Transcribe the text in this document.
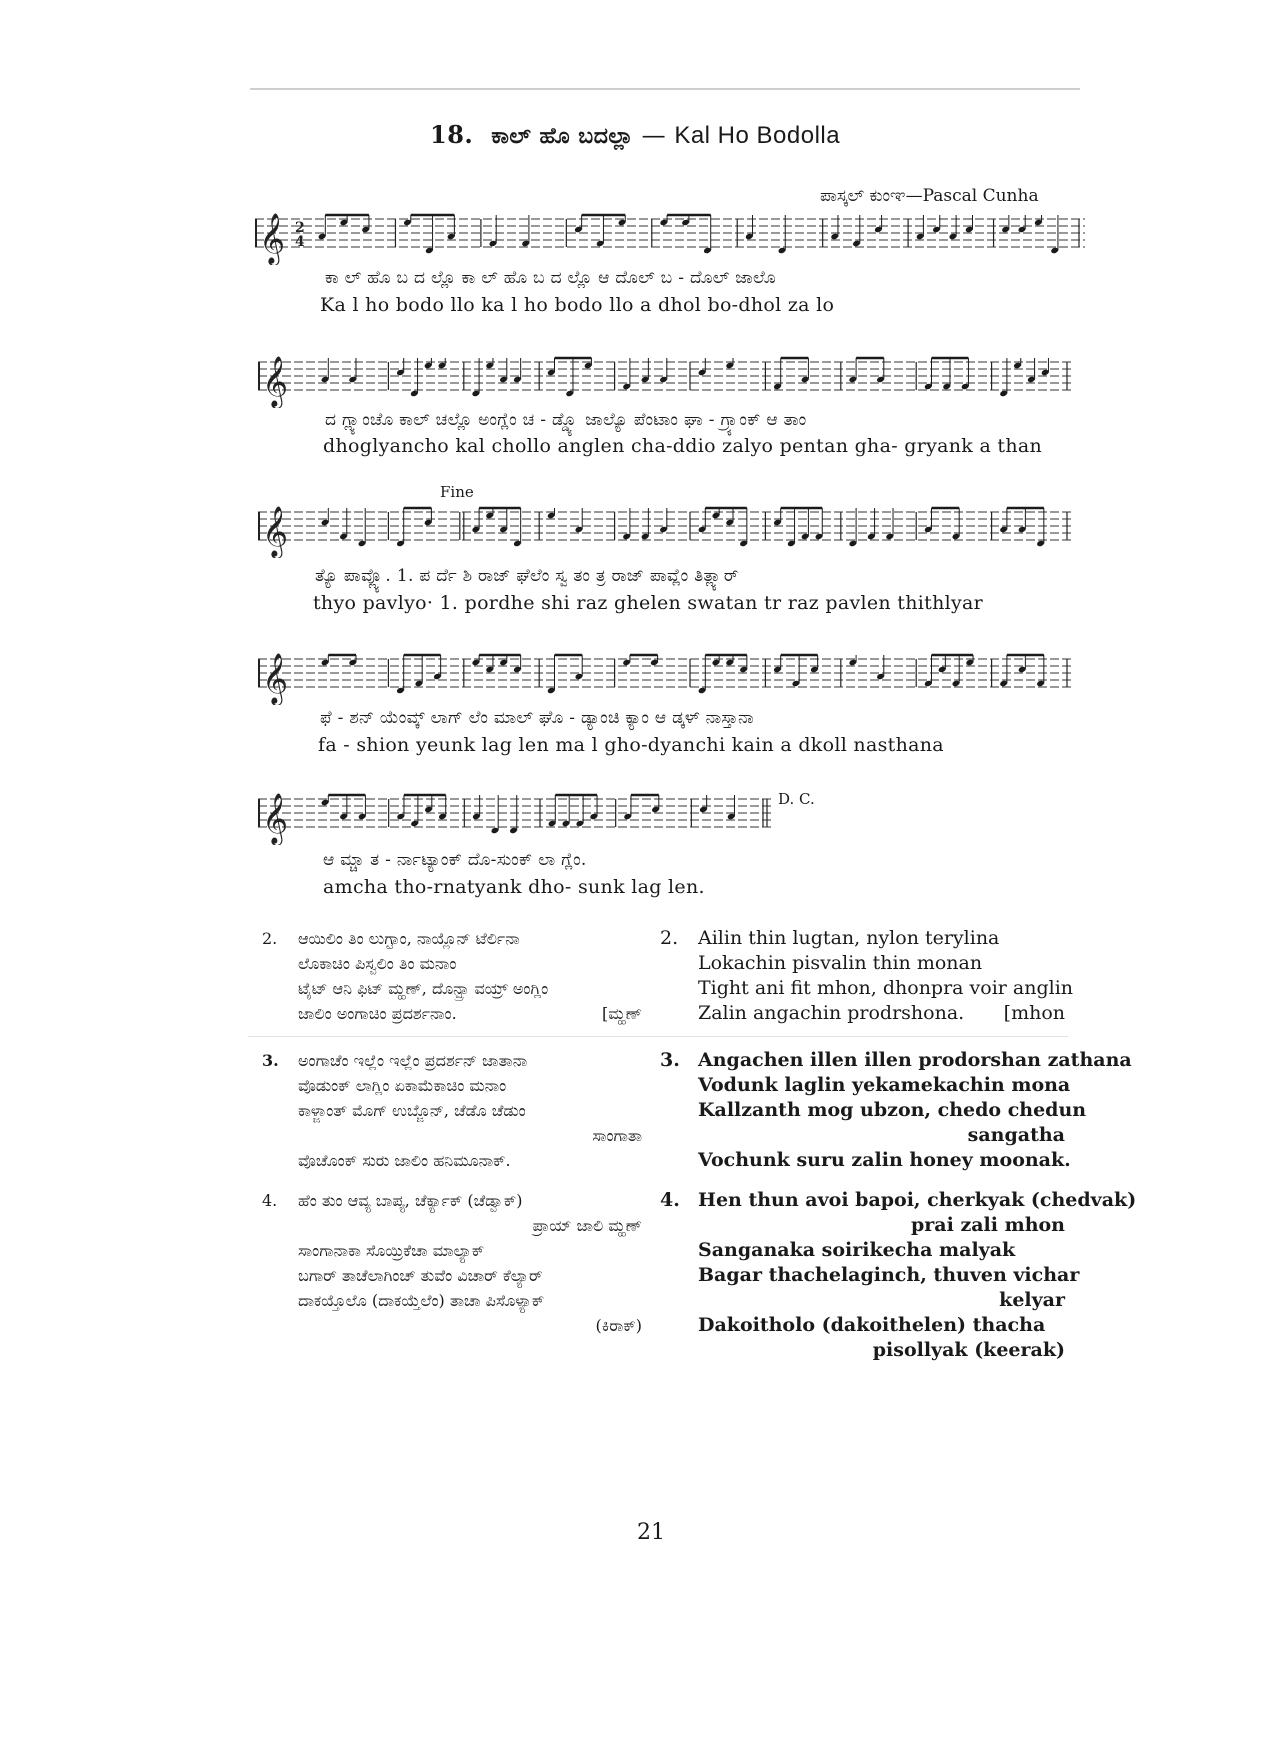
18. ಕಾಲ್ ಹೊ ಬದಲ್ಲಾ — Kal Ho Bodolla
ಪಾಸ್ಕಲ್ ಕುಂಞ—Pascal Cunha
𝄞 2
4
ಕಾ ಲ್ ಹೊ ಬ ದ ಲ್ಲೊ ಕಾ ಲ್ ಹೊ ಬ ದ ಲ್ಲೊ ಆ ದೊಲ್ ಬ - ದೊಲ್ ಜಾಲೊ
Ka l ho bodo llo ka l ho bodo llo a dhol bo-dhol za lo
𝄞
ದ ಗ್ಲ್ಯಾಂಚೊ ಕಾಲ್ ಚಲ್ಲೊ ಅಂಗ್ಲೆಂ ಚ - ಡ್ಡ್ಯೊ ಜಾಲ್ಯೊ ಪೆಂಟಾಂ ಘಾ - ಗ್ರ್ಯಾಂಕ್ ಆ ತಾಂ
dhoglyancho kal chollo anglen cha-ddio zalyo pentan gha- gryank a than
Fine
𝄞
ತ್ಯೊ ಪಾವ್ಲ್ಯೊ. 1. ಪ ರ್ದೆ ಶಿ ರಾಜ್ ಘೆಲೆಂ ಸ್ವ ತಂ ತ್ರ ರಾಜ್ ಪಾವ್ಲೆಂ ತಿತ್ಲ್ಯಾರ್
thyo pavlyo· 1. pordhe shi raz ghelen swatan tr raz pavlen thithlyar
𝄞
ಫೆ - ಶನ್ ಯೆಂವ್ಕ್ ಲಾಗ್ ಲೆಂ ಮಾಲ್ ಘೊ - ಡ್ಯಾಂಚಿ ಕ್ಯಾಂ ಆ ಡ್ಕಳ್ ನಾಸ್ತಾನಾ
fa - shion yeunk lag len ma l gho-dyanchi kain a dkoll nasthana
𝄞	D. C.
ಆ ಮ್ಚಾ ತ - ರ್ನಾಟ್ಯಾಂಕ್ ದೊ-ಸುಂಕ್ ಲಾ ಗ್ಲೆಂ.
amcha tho-rnatyank dho- sunk lag len.
2. ಆಯಿಲಿಂ ತಿಂ ಲುಗ್ಟಾಂ, ನಾಯ್ಲೊನ್ ಟೆರ್ಲಿನಾ
ಲೊಕಾಚಿಂ ಪಿಸ್ವಲಿಂ ತಿಂ ಮನಾಂ
ಟೈಟ್ ಆನಿ ಫಿಟ್ ಮ್ಹಣ್, ದೊನ್ಪ್ರಾ ವಯ್ರ್ ಅಂಗ್ಲಿಂ
ಜಾಲಿಂ ಅಂಗಾಚಿಂ ಪ್ರದರ್ಶನಾಂ.	[ಮ್ಹಣ್
2. Ailin thin lugtan, nylon terylina
Lokachin pisvalin thin monan
Tight ani fit mhon, dhonpra voir anglin
Zalin angachin prodrshona.	[mhon
3. ಅಂಗಾಚೆಂ ಇಲ್ಲೆಂ ಇಲ್ಲೆಂ ಪ್ರದರ್ಶನ್ ಜಾತಾನಾ
ವೊಡುಂಕ್ ಲಾಗ್ಲಿಂ ಏಕಾಮೆಕಾಚಿಂ ಮನಾಂ
ಕಾಳ್ಜಾಂತ್ ಮೊಗ್ ಉಬ್ಜೊನ್, ಚೆಡೊ ಚೆಡುಂ
ಸಾಂಗಾತಾ
ವೊಚೊಂಕ್ ಸುರು ಜಾಲಿಂ ಹನಿಮೂನಾಕ್.
3. Angachen illen illen prodorshan zathana
Vodunk laglin yekamekachin mona
Kallzanth mog ubzon, chedo chedun
sangatha
Vochunk suru zalin honey moonak.
4. ಹೆಂ ತುಂ ಆವ್ಯ ಬಾಪ್ಯ, ಚೆರ್ಕ್ಯಾಕ್ (ಚೆಡ್ವಾಕ್)
ಪ್ರಾಯ್ ಜಾಲಿ ಮ್ಹಣ್
ಸಾಂಗಾನಾಕಾ ಸೊಯ್ರಿಕೆಚಾ ಮಾಲ್ಯಾಕ್
ಬಗಾರ್ ತಾಚೆಲಾಗಿಂಚ್ ತುವೆಂ ವಿಚಾರ್ ಕೆಲ್ಯಾರ್
ದಾಕಯ್ತೊಲೊ (ದಾಕಯ್ತೆಲೆಂ) ತಾಚಾ ಪಿಸೊಳ್ಯಾಕ್
(ಕಿರಾಕ್)
4. Hen thun avoi bapoi, cherkyak (chedvak)
prai zali mhon
Sanganaka soirikecha malyak
Bagar thachelaginch, thuven vichar
kelyar
Dakoitholo (dakoithelen) thacha
pisollyak (keerak)
21
